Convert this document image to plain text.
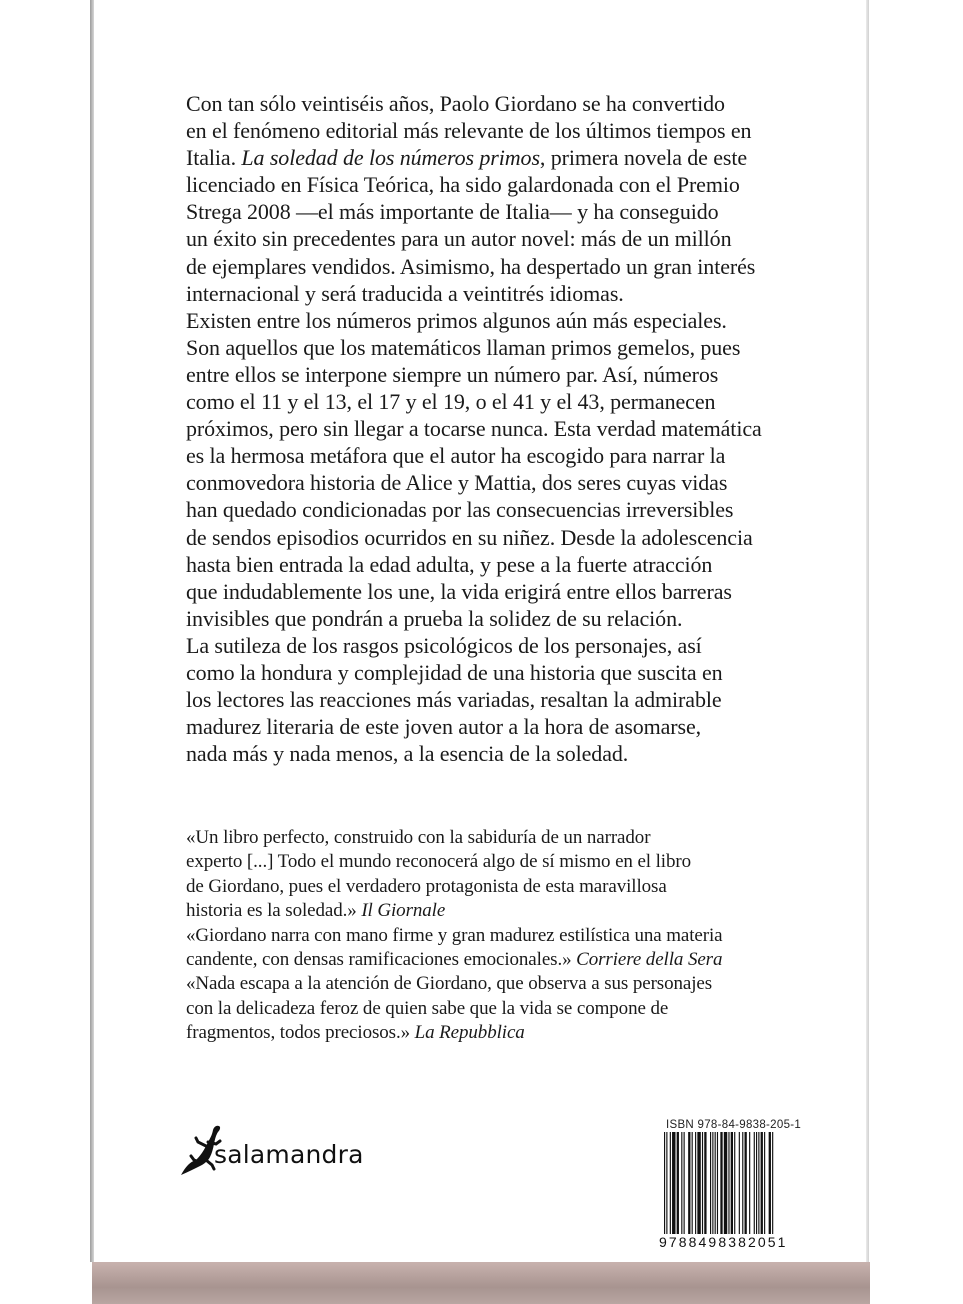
Con tan sólo veintiséis años, Paolo Giordano se ha convertido
en el fenómeno editorial más relevante de los últimos tiempos en
Italia. La soledad de los números primos, primera novela de este
licenciado en Física Teórica, ha sido galardonada con el Premio
Strega 2008 —el más importante de Italia— y ha conseguido
un éxito sin precedentes para un autor novel: más de un millón
de ejemplares vendidos. Asimismo, ha despertado un gran interés
internacional y será traducida a veintitrés idiomas.
Existen entre los números primos algunos aún más especiales.
Son aquellos que los matemáticos llaman primos gemelos, pues
entre ellos se interpone siempre un número par. Así, números
como el 11 y el 13, el 17 y el 19, o el 41 y el 43, permanecen
próximos, pero sin llegar a tocarse nunca. Esta verdad matemática
es la hermosa metáfora que el autor ha escogido para narrar la
conmovedora historia de Alice y Mattia, dos seres cuyas vidas
han quedado condicionadas por las consecuencias irreversibles
de sendos episodios ocurridos en su niñez. Desde la adolescencia
hasta bien entrada la edad adulta, y pese a la fuerte atracción
que indudablemente los une, la vida erigirá entre ellos barreras
invisibles que pondrán a prueba la solidez de su relación.
La sutileza de los rasgos psicológicos de los personajes, así
como la hondura y complejidad de una historia que suscita en
los lectores las reacciones más variadas, resaltan la admirable
madurez literaria de este joven autor a la hora de asomarse,
nada más y nada menos, a la esencia de la soledad.
«Un libro perfecto, construido con la sabiduría de un narrador
experto [...] Todo el mundo reconocerá algo de sí mismo en el libro
de Giordano, pues el verdadero protagonista de esta maravillosa
historia es la soledad.» Il Giornale
«Giordano narra con mano firme y gran madurez estilística una materia
candente, con densas ramificaciones emocionales.» Corriere della Sera
«Nada escapa a la atención de Giordano, que observa a sus personajes
con la delicadeza feroz de quien sabe que la vida se compone de
fragmentos, todos preciosos.» La Repubblica
salamandra
ISBN 978-84-9838-205-1
9788498382051
